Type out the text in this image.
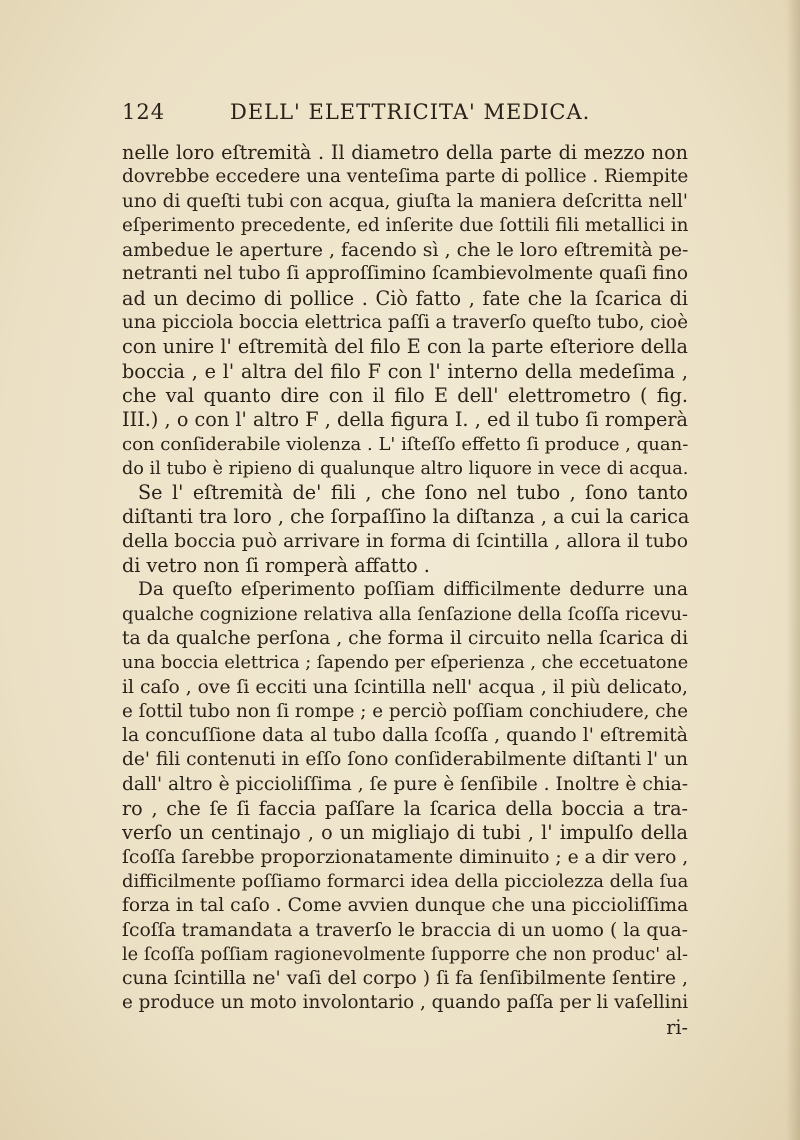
124	DELL' ELETTRICITA' MEDICA.
nelle loro eſtremità . Il diametro della parte di mezzo non
dovrebbe eccedere una venteſima parte di pollice . Riempite
uno di queſti tubi con acqua, giuſta la maniera deſcritta nell'
eſperimento precedente, ed inſerite due ſottili fili metallici in
ambedue le aperture , facendo sì , che le loro eſtremità pe-
netranti nel tubo ſi approſſimino ſcambievolmente quaſi fino
ad un decimo di pollice . Ciò fatto , fate che la ſcarica di
una picciola boccia elettrica paſſi a traverſo queſto tubo, cioè
con unire l' eſtremità del filo E con la parte eſteriore della
boccia , e l' altra del filo F con l' interno della medeſima ,
che val quanto dire con il filo E dell' elettrometro ( fig.
III.) , o con l' altro F , della figura I. , ed il tubo ſi romperà
con conſiderabile violenza . L' iſteſſo effetto ſi produce , quan-
do il tubo è ripieno di qualunque altro liquore in vece di acqua.
Se l' eſtremità de' fili , che ſono nel tubo , ſono tanto
diſtanti tra loro , che ſorpaſſino la diſtanza , a cui la carica
della boccia può arrivare in forma di ſcintilla , allora il tubo
di vetro non ſi romperà affatto .
Da queſto eſperimento poſſiam difficilmente dedurre una
qualche cognizione relativa alla ſenſazione della ſcoſſa ricevu-
ta da qualche perſona , che forma il circuito nella ſcarica di
una boccia elettrica ; ſapendo per eſperienza , che eccetuatone
il caſo , ove ſi ecciti una ſcintilla nell' acqua , il più delicato,
e ſottil tubo non ſi rompe ; e perciò poſſiam conchiudere, che
la concuſſione data al tubo dalla ſcoſſa , quando l' eſtremità
de' fili contenuti in eſſo ſono conſiderabilmente diſtanti l' un
dall' altro è piccioliſſima , ſe pure è ſenſibile . Inoltre è chia-
ro , che ſe ſi faccia paſſare la ſcarica della boccia a tra-
verſo un centinajo , o un migliajo di tubi , l' impulſo della
ſcoſſa ſarebbe proporzionatamente diminuito ; e a dir vero ,
difficilmente poſſiamo formarci idea della picciolezza della ſua
forza in tal caſo . Come avvien dunque che una piccioliſſima
ſcoſſa tramandata a traverſo le braccia di un uomo ( la qua-
le ſcoſſa poſſiam ragionevolmente ſupporre che non produc' al-
cuna ſcintilla ne' vaſi del corpo ) ſi fa ſenſibilmente ſentire ,
e produce un moto involontario , quando paſſa per li vaſellini
ri-
